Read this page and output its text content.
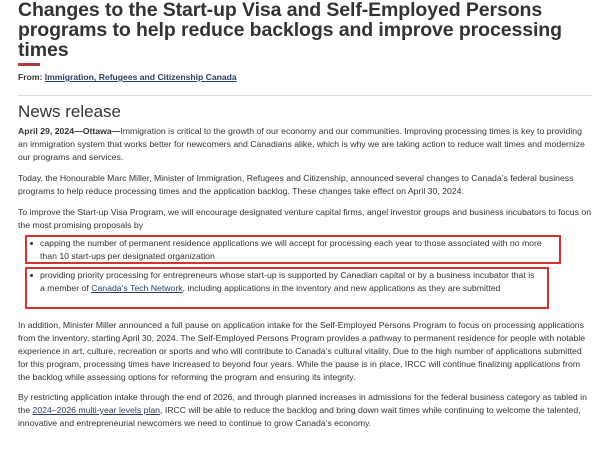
Changes to the Start-up Visa and Self-Employed Persons programs to help reduce backlogs and improve processing times
From: Immigration, Refugees and Citizenship Canada
News release

April 29, 2024—Ottawa—Immigration is critical to the growth of our economy and our communities. Improving processing times is key to providing an immigration system that works better for newcomers and Canadians alike, which is why we are taking action to reduce wait times and modernize our programs and services.

Today, the Honourable Marc Miller, Minister of Immigration, Refugees and Citizenship, announced several changes to Canada’s federal business programs to help reduce processing times and the application backlog. These changes take effect on April 30, 2024.

To improve the Start-up Visa Program, we will encourage designated venture capital firms, angel investor groups and business incubators to focus on the most promising proposals by

capping the number of permanent residence applications we will accept for processing each year to those associated with no more than 10 start-ups per designated organization
providing priority processing for entrepreneurs whose start-up is supported by Canadian capital or by a business incubator that is a member of Canada’s Tech Network, including applications in the inventory and new applications as they are submitted

In addition, Minister Miller announced a full pause on application intake for the Self-Employed Persons Program to focus on processing applications from the inventory, starting April 30, 2024. The Self-Employed Persons Program provides a pathway to permanent residence for people with notable experience in art, culture, recreation or sports and who will contribute to Canada’s cultural vitality. Due to the high number of applications submitted for this program, processing times have increased to beyond four years. While the pause is in place, IRCC will continue finalizing applications from the backlog while assessing options for reforming the program and ensuring its integrity.

By restricting application intake through the end of 2026, and through planned increases in admissions for the federal business category as tabled in the 2024–2026 multi-year levels plan, IRCC will be able to reduce the backlog and bring down wait times while continuing to welcome the talented, innovative and entrepreneurial newcomers we need to continue to grow Canada’s economy.
